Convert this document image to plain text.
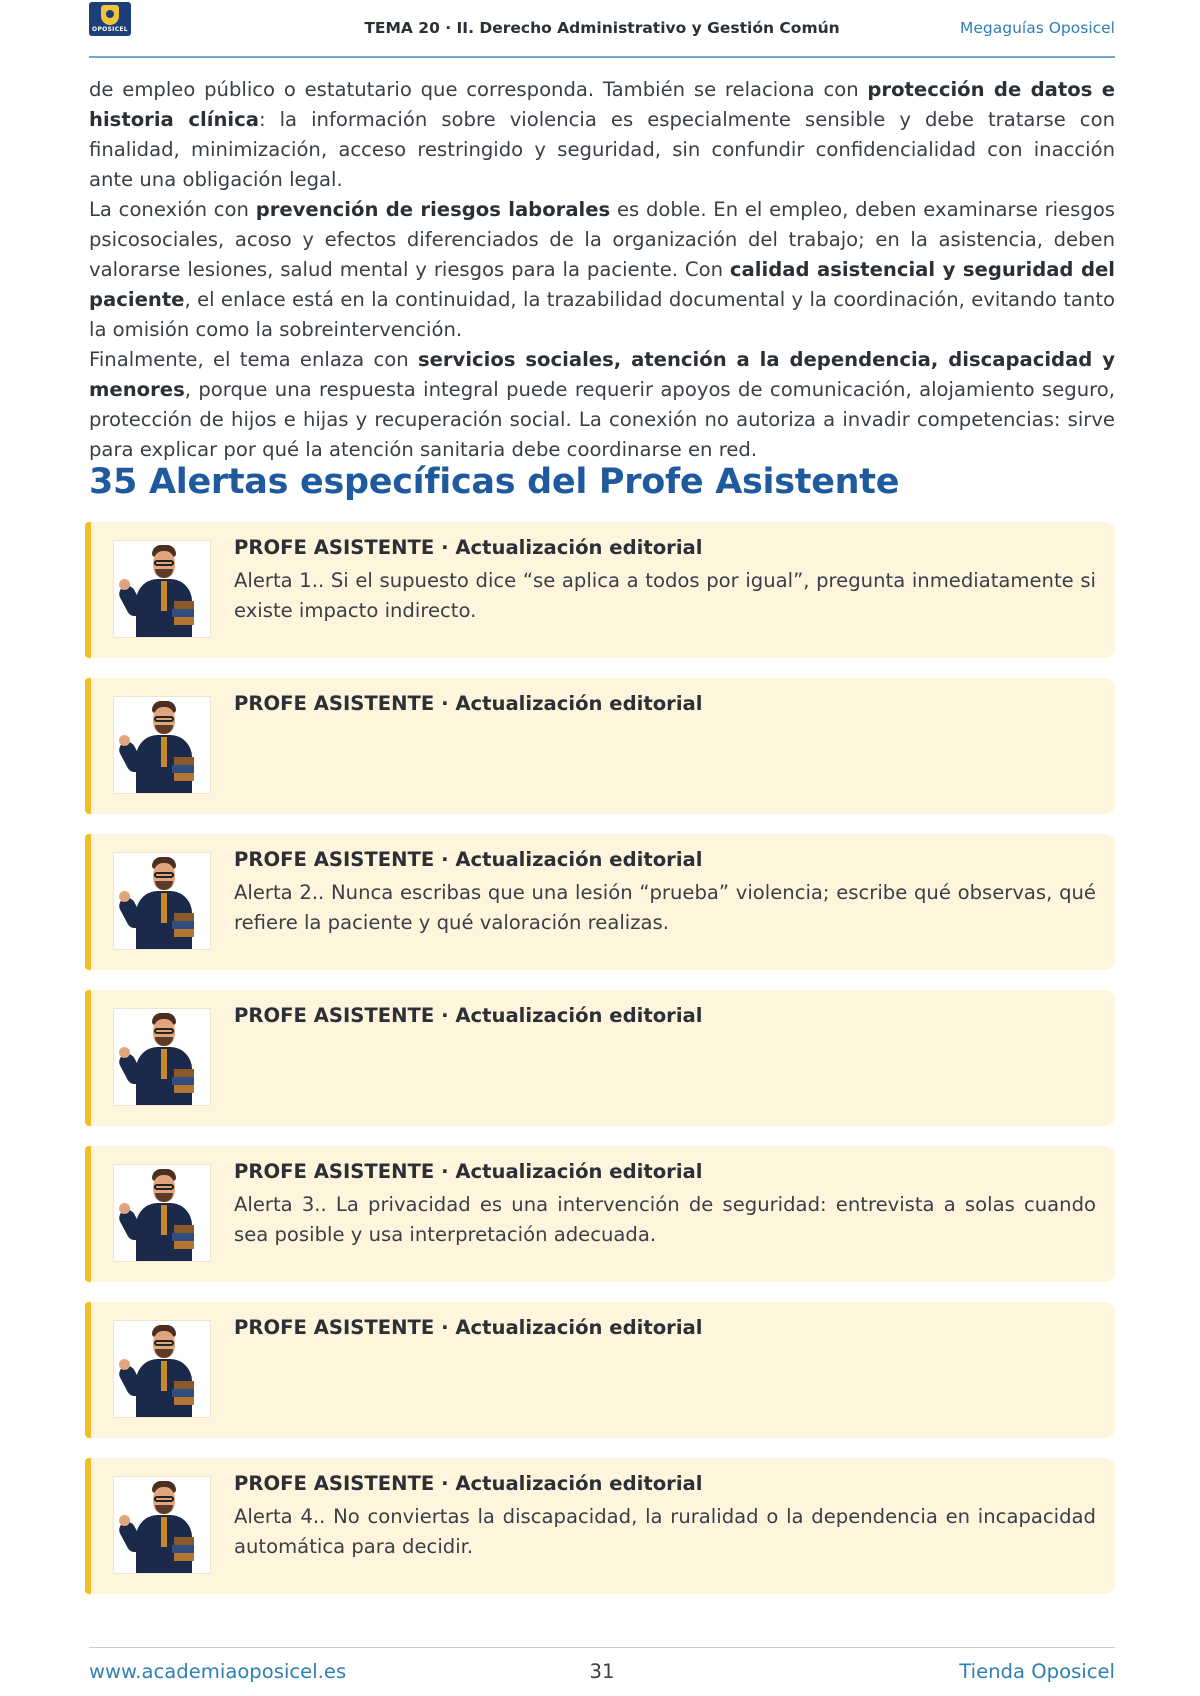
OPOSICEL	TEMA 20 · II. Derecho Administrativo y Gestión Común	Megaguías Oposicel

de empleo público o estatutario que corresponda. También se relaciona con protección de datos e historia clínica: la información sobre violencia es especialmente sensible y debe tratarse con finalidad, minimización, acceso restringido y seguridad, sin confundir confidencialidad con inacción ante una obligación legal.

La conexión con prevención de riesgos laborales es doble. En el empleo, deben examinarse riesgos psicosociales, acoso y efectos diferenciados de la organización del trabajo; en la asistencia, deben valorarse lesiones, salud mental y riesgos para la paciente. Con calidad asistencial y seguridad del paciente, el enlace está en la continuidad, la trazabilidad documental y la coordinación, evitando tanto la omisión como la sobreintervención.

Finalmente, el tema enlaza con servicios sociales, atención a la dependencia, discapacidad y menores, porque una respuesta integral puede requerir apoyos de comunicación, alojamiento seguro, protección de hijos e hijas y recuperación social. La conexión no autoriza a invadir competencias: sirve para explicar por qué la atención sanitaria debe coordinarse en red.

35 Alertas específicas del Profe Asistente
PROFE ASISTENTE · Actualización editorial
Alerta 1.. Si el supuesto dice “se aplica a todos por igual”, pregunta inmediatamente si existe impacto indirecto.
PROFE ASISTENTE · Actualización editorial
PROFE ASISTENTE · Actualización editorial
Alerta 2.. Nunca escribas que una lesión “prueba” violencia; escribe qué observas, qué refiere la paciente y qué valoración realizas.
PROFE ASISTENTE · Actualización editorial
PROFE ASISTENTE · Actualización editorial
Alerta 3.. La privacidad es una intervención de seguridad: entrevista a solas cuando sea posible y usa interpretación adecuada.
PROFE ASISTENTE · Actualización editorial
PROFE ASISTENTE · Actualización editorial
Alerta 4.. No conviertas la discapacidad, la ruralidad o la dependencia en incapacidad automática para decidir.
www.academiaoposicel.es	31	Tienda Oposicel
